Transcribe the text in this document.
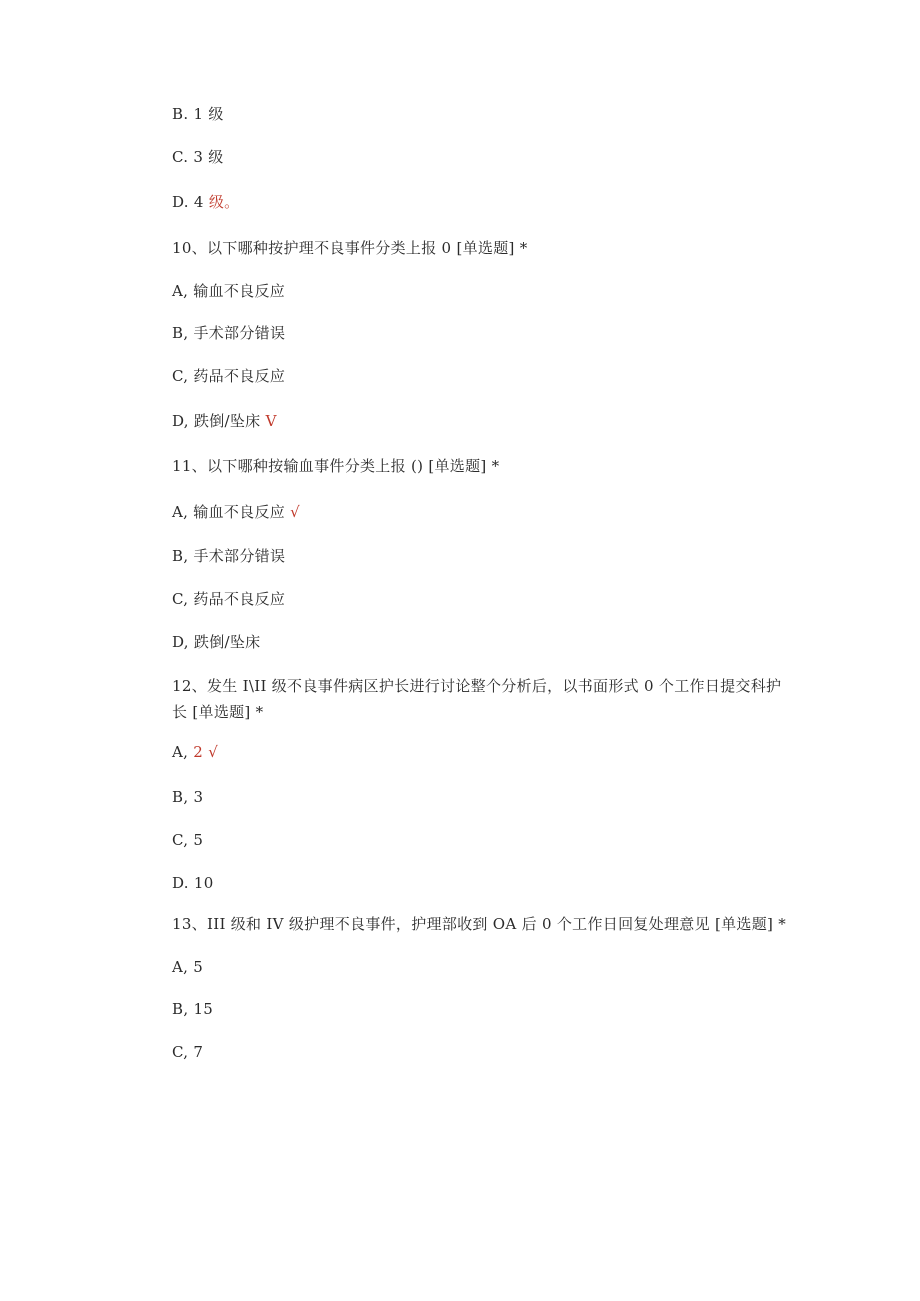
B. 1 级
C. 3 级
D. 4 级。
10、以下哪种按护理不良事件分类上报 0 [单选题] *
A, 输血不良反应
B, 手术部分错误
C, 药品不良反应
D, 跌倒/坠床 V
11、以下哪种按输血事件分类上报 () [单选题] *
A, 输血不良反应 √
B, 手术部分错误
C, 药品不良反应
D, 跌倒/坠床
12、发生 I\II 级不良事件病区护长进行讨论整个分析后，以书面形式 0 个工作日提交科护长 [单选题] *
A, 2 √
B, 3
C, 5
D. 10
13、III 级和 IV 级护理不良事件，护理部收到 OA 后 0 个工作日回复处理意见 [单选题] *
A, 5
B, 15
C, 7
